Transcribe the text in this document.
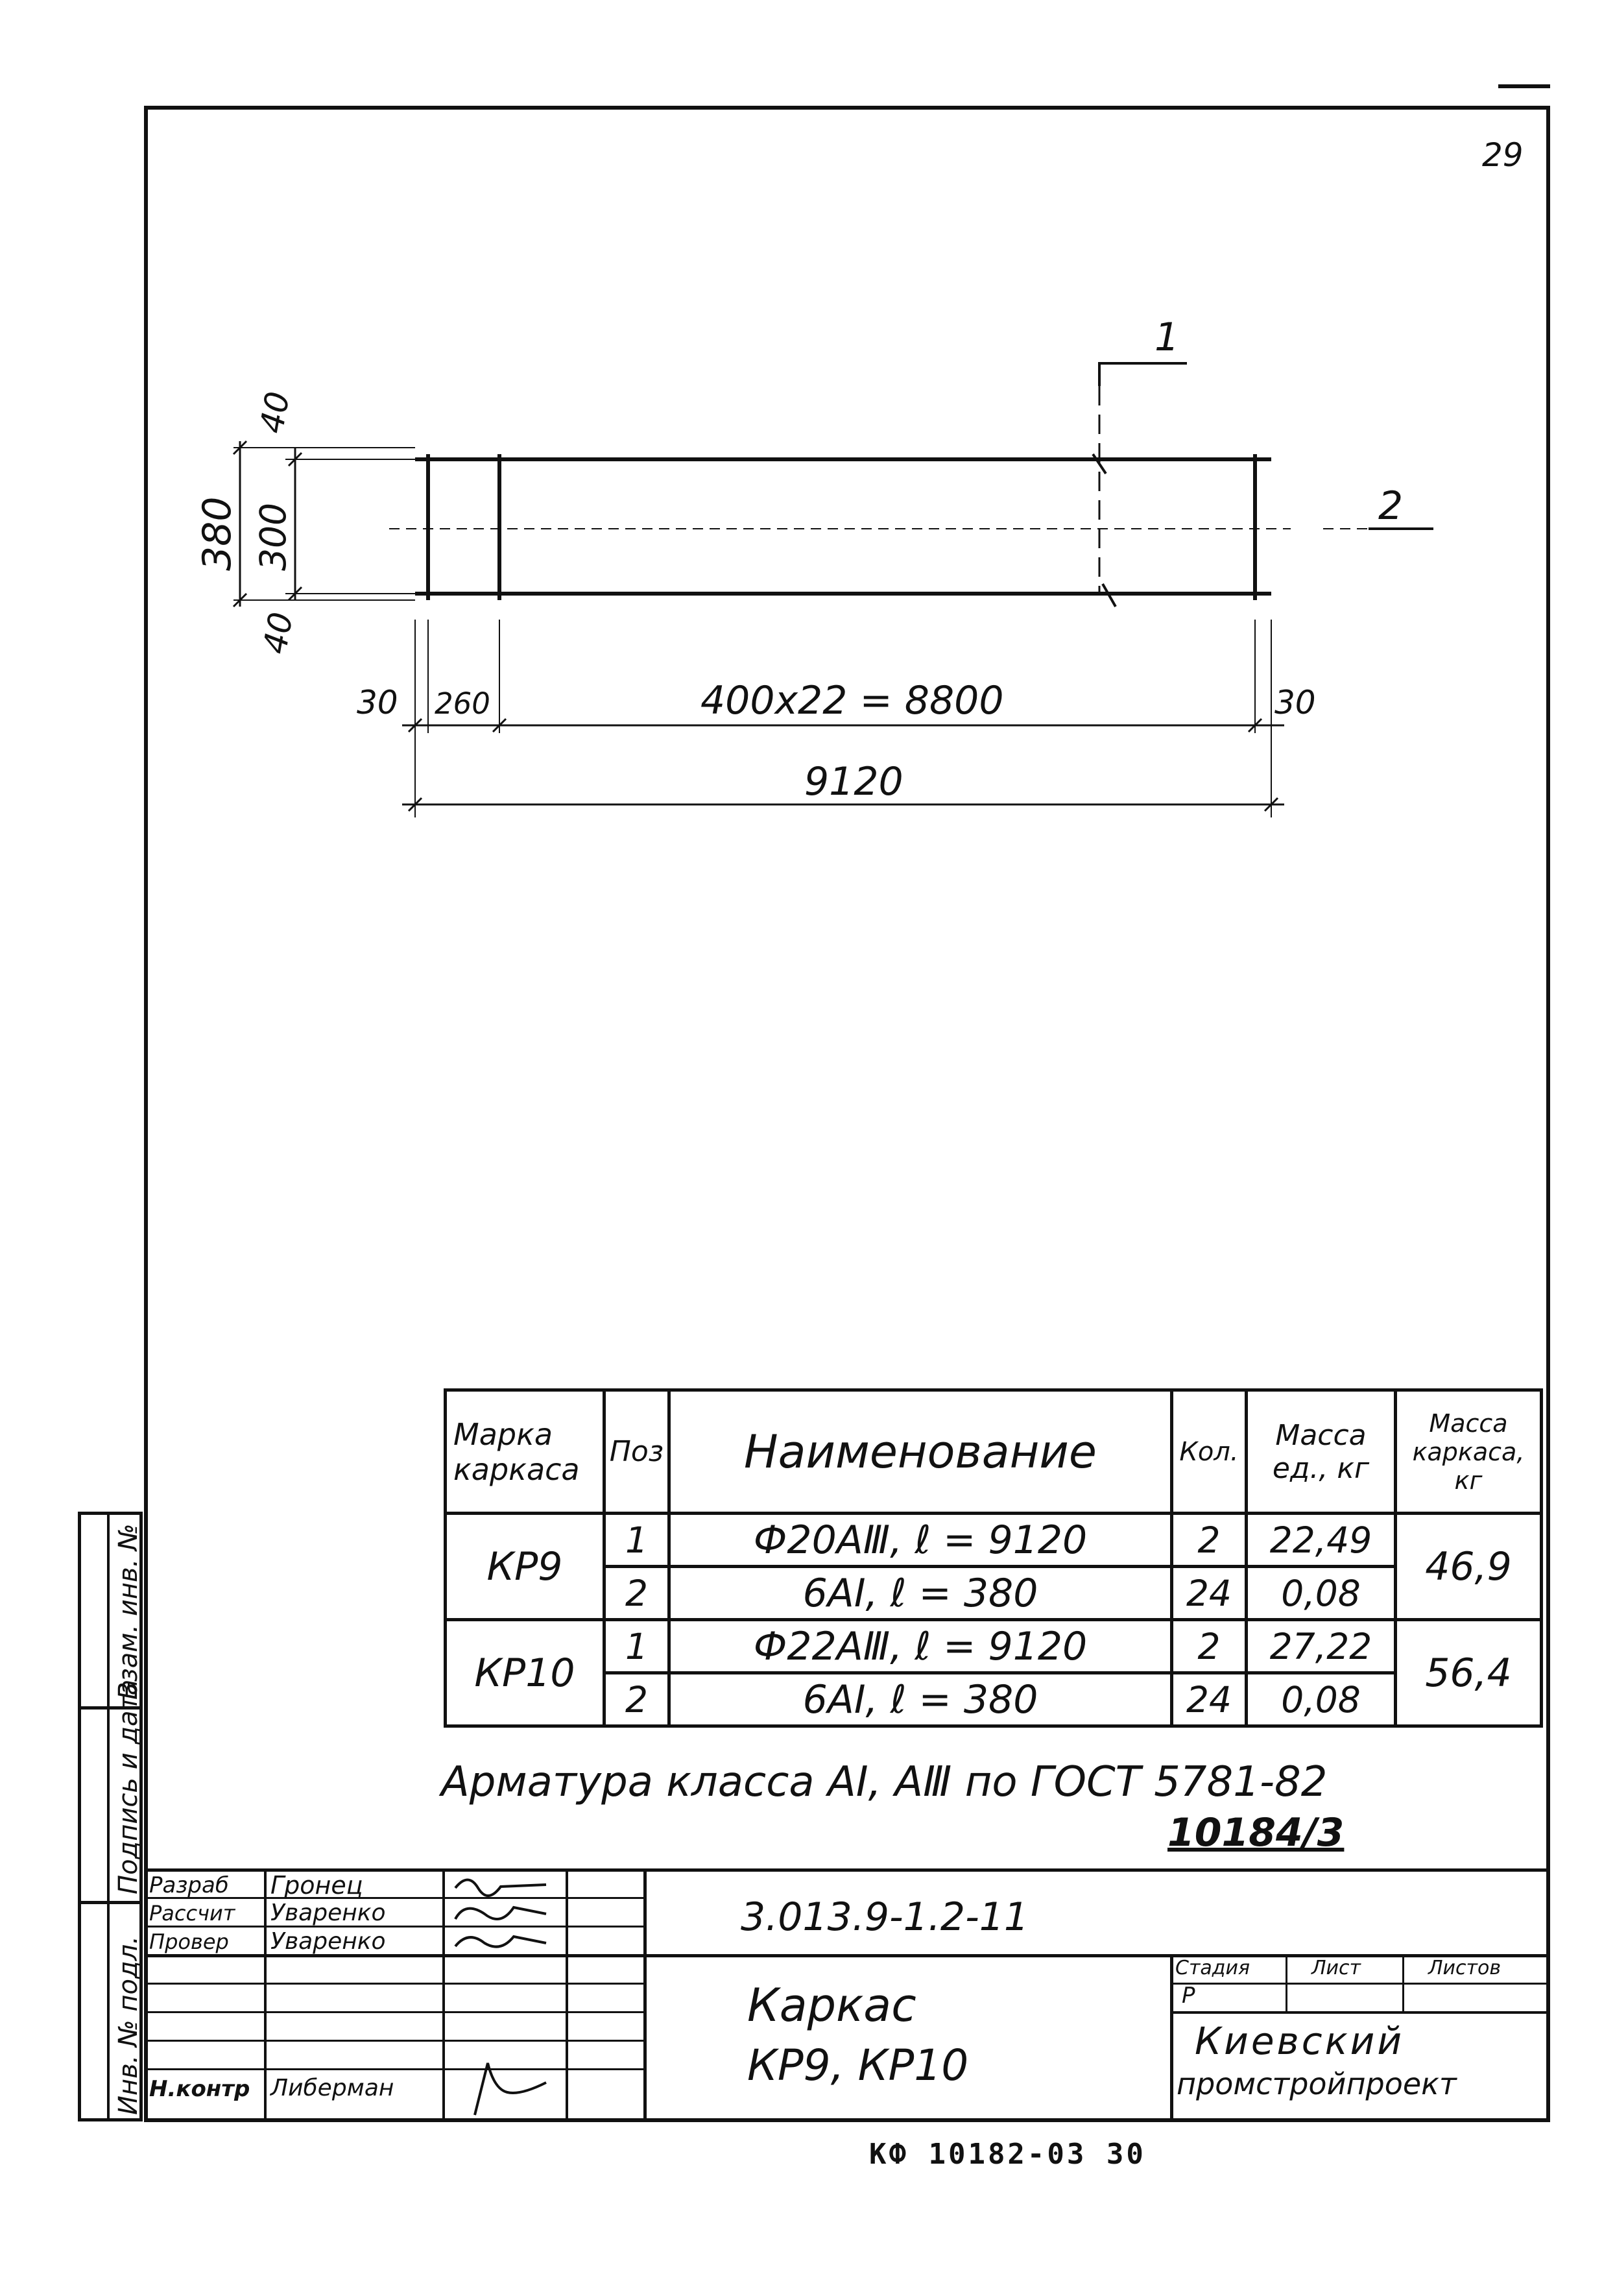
29
1
2
380
40
300
40
30 260	400x22 = 8800	30
9120
Марка каркаса	Поз	Наименование	Кол.	Масса ед., кг	Масса каркаса, кг
КР9	1	Ф20АⅢ, ℓ = 9120	2	22,49	46,9
	2	6АⅠ, ℓ = 380	24	0,08	
КР10	1	Ф22АⅢ, ℓ = 9120	2	27,22	56,4
	2	6АⅠ, ℓ = 380	24	0,08	
Арматура класса АⅠ, АⅢ по ГОСТ 5781-82
10184/3
Взам. инв. №
Подпись и дата
Инв. № подл.
Разраб Гронец
Рассчит Уваренко
Провер Уваренко
Н.контр Либерман
3.013.9-1.2-11
Каркас
КР9, КР10
Стадия	Лист	Листов
Р
Киевский
промстройпроект
КФ 10182-03 30
